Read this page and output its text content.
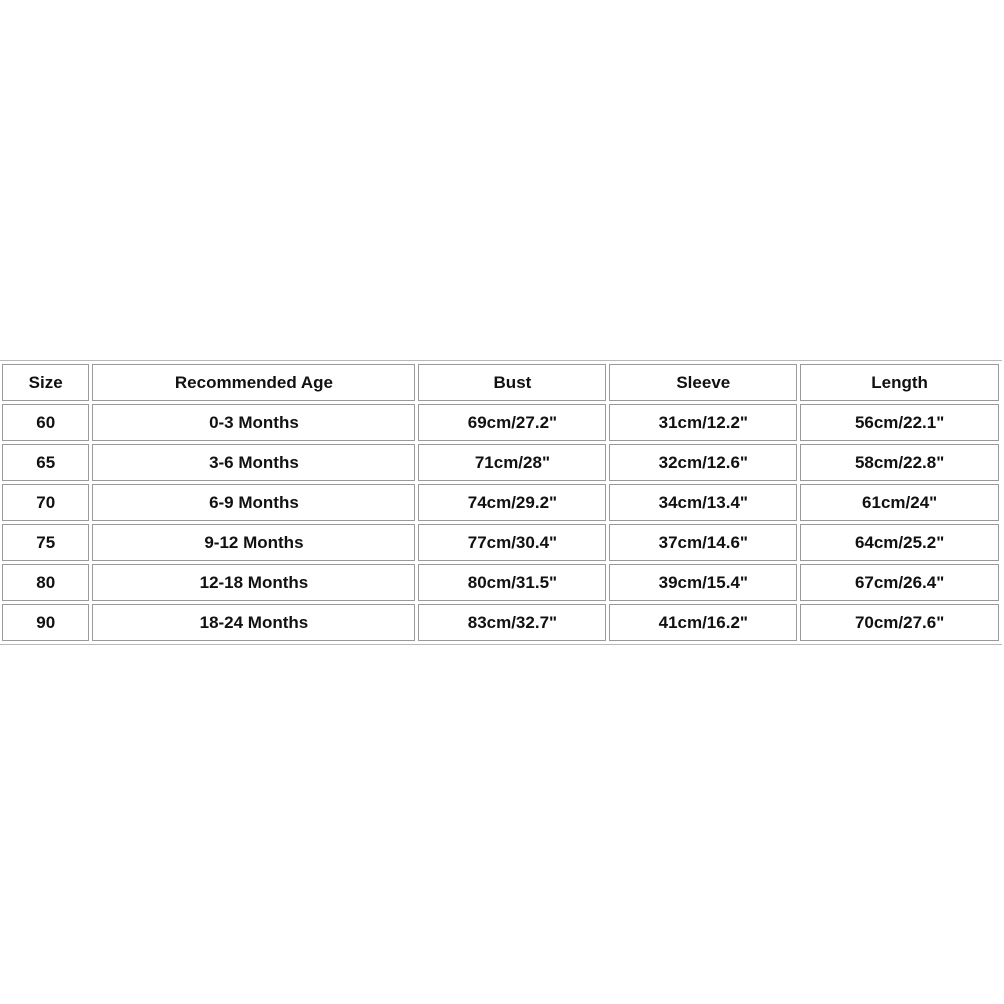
Size	Recommended Age	Bust	Sleeve	Length
60	0-3 Months	69cm/27.2"	31cm/12.2"	56cm/22.1"
65	3-6 Months	71cm/28"	32cm/12.6"	58cm/22.8"
70	6-9 Months	74cm/29.2"	34cm/13.4"	61cm/24"
75	9-12 Months	77cm/30.4"	37cm/14.6"	64cm/25.2"
80	12-18 Months	80cm/31.5"	39cm/15.4"	67cm/26.4"
90	18-24 Months	83cm/32.7"	41cm/16.2"	70cm/27.6"
